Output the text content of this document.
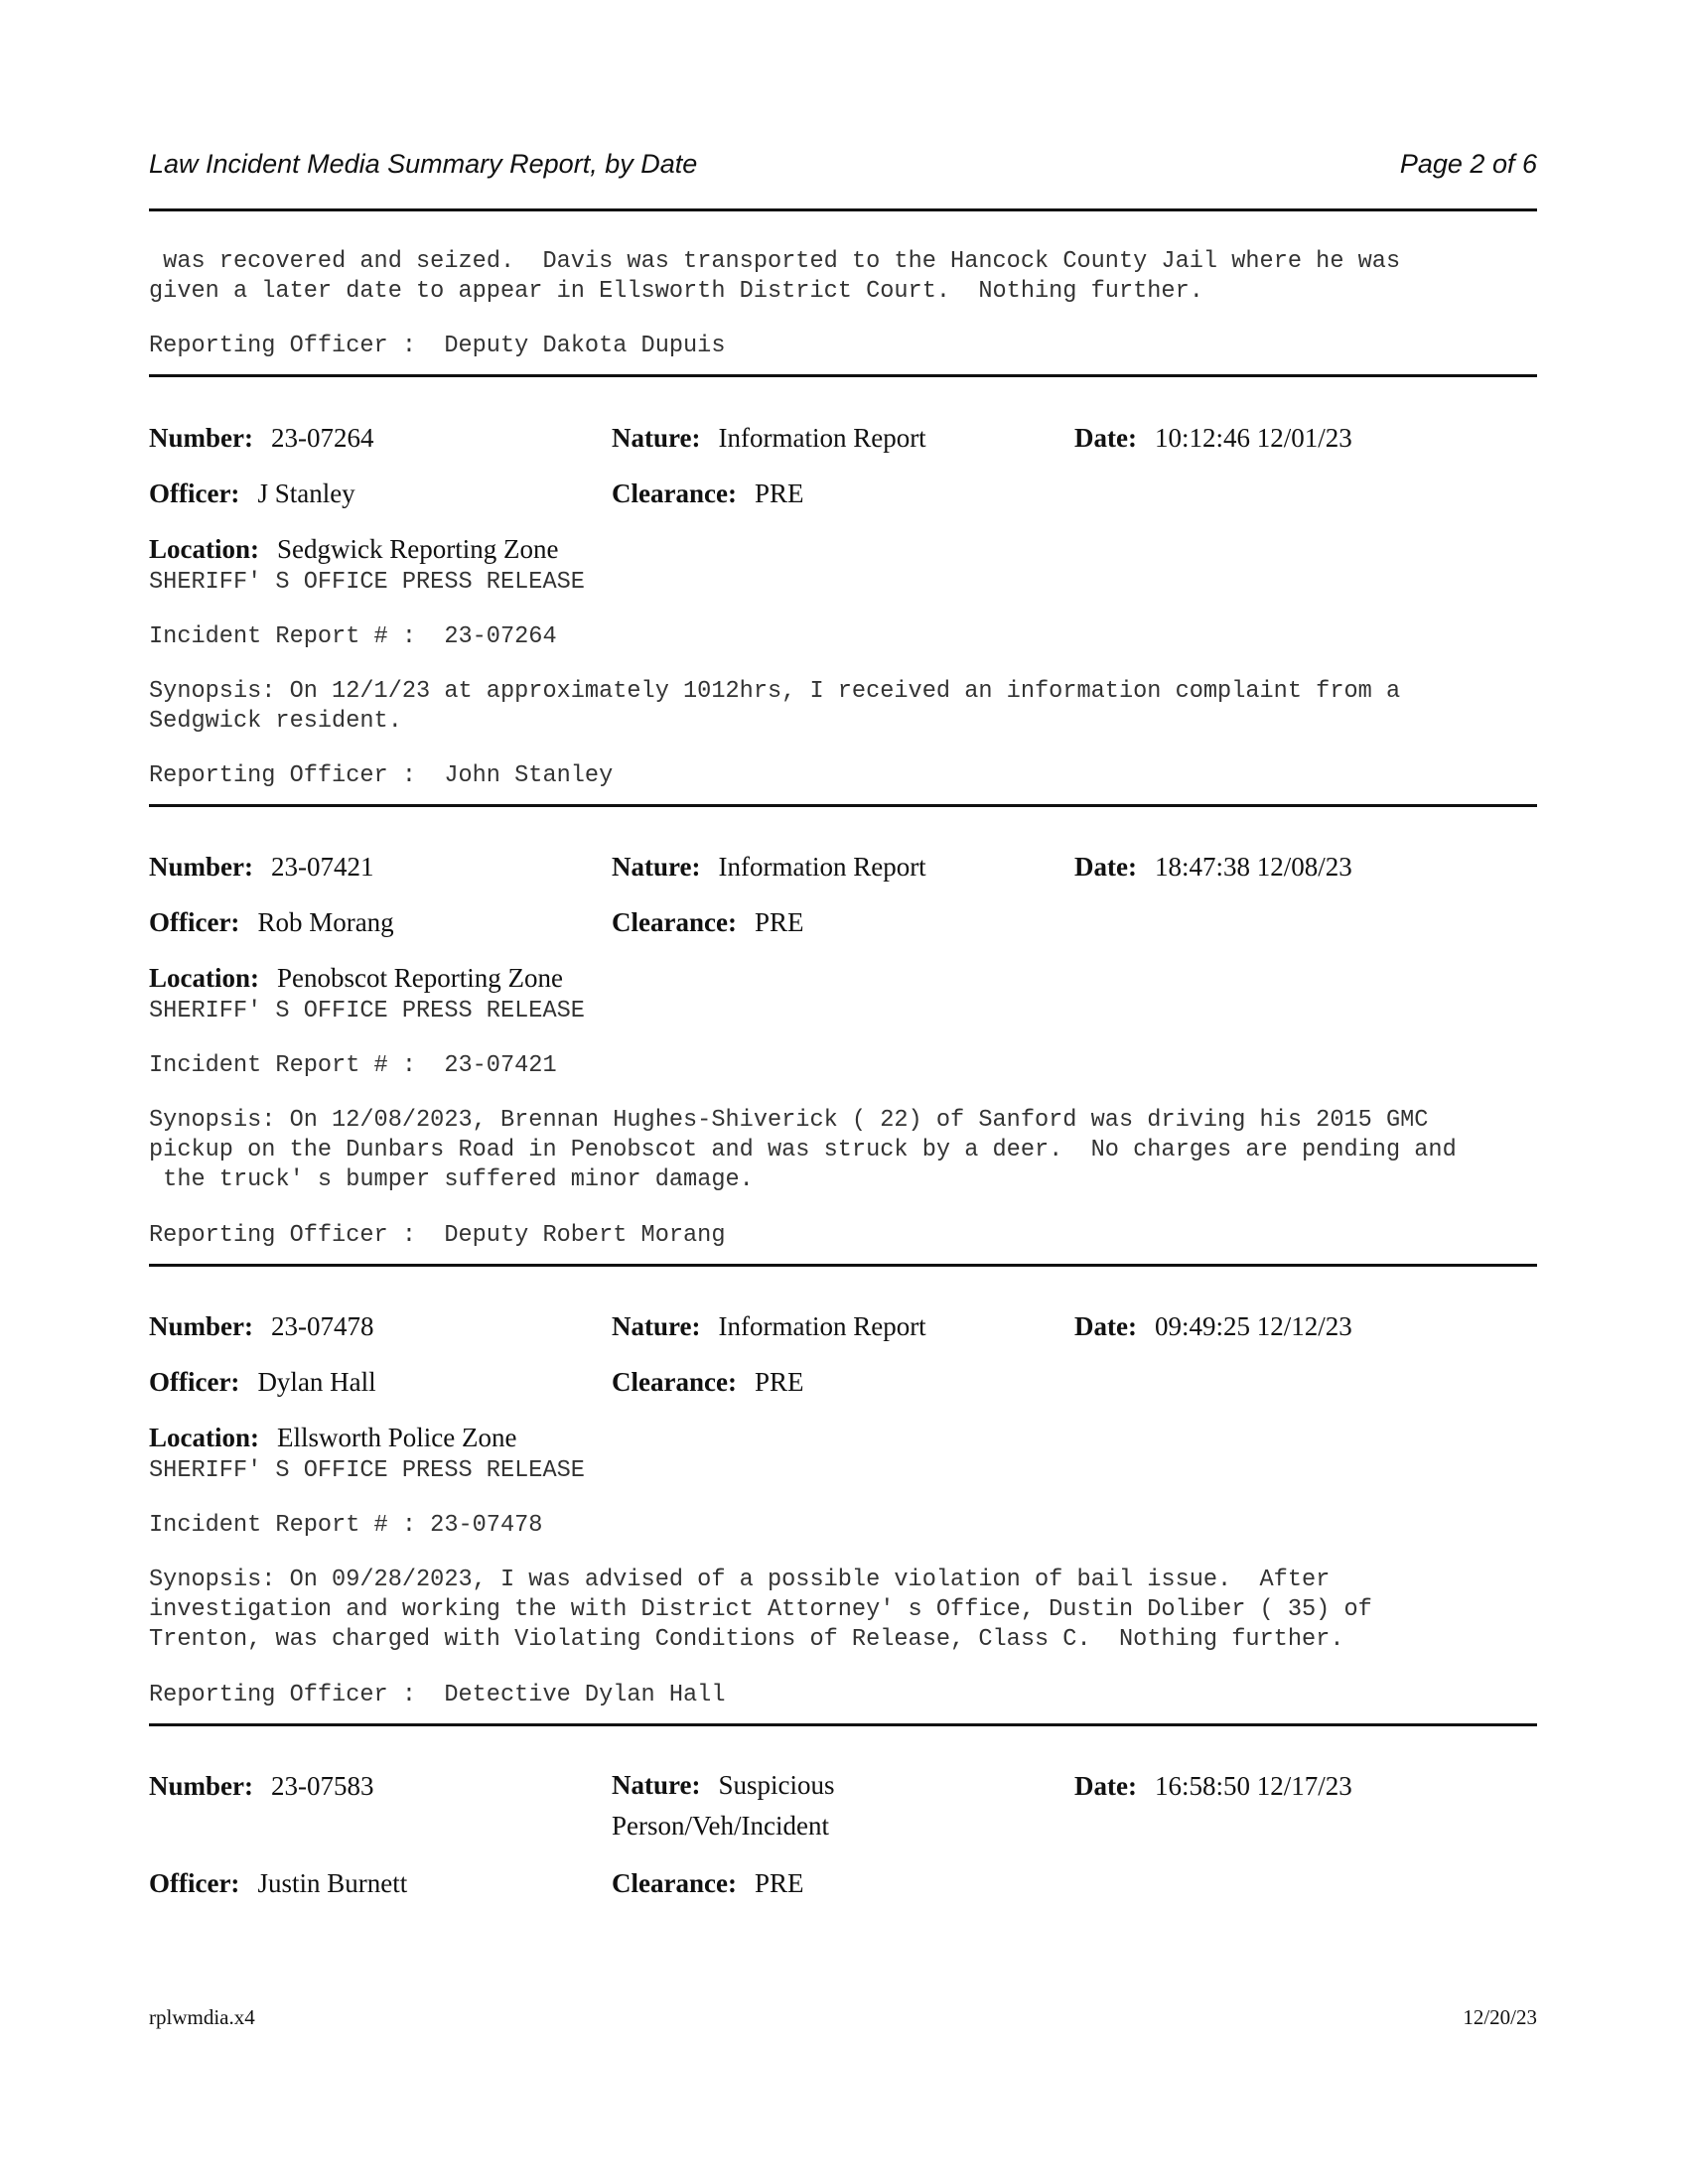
Law Incident Media Summary Report, by Date	Page 2 of 6

was recovered and seized.  Davis was transported to the Hancock County Jail where he was
given a later date to appear in Ellsworth District Court.  Nothing further.

Reporting Officer :  Deputy Dakota Dupuis

Number: 23-07264	Nature: Information Report	Date: 10:12:46 12/01/23
Officer: J Stanley	Clearance: PRE
Location: Sedgwick Reporting Zone

SHERIFF' S OFFICE PRESS RELEASE

Incident Report # :  23-07264

Synopsis: On 12/1/23 at approximately 1012hrs, I received an information complaint from a
Sedgwick resident.

Reporting Officer :  John Stanley

Number: 23-07421	Nature: Information Report	Date: 18:47:38 12/08/23
Officer: Rob Morang	Clearance: PRE
Location: Penobscot Reporting Zone

SHERIFF' S OFFICE PRESS RELEASE

Incident Report # :  23-07421

Synopsis: On 12/08/2023, Brennan Hughes-Shiverick ( 22) of Sanford was driving his 2015 GMC
pickup on the Dunbars Road in Penobscot and was struck by a deer.  No charges are pending and
the truck' s bumper suffered minor damage.

Reporting Officer :  Deputy Robert Morang

Number: 23-07478	Nature: Information Report	Date: 09:49:25 12/12/23
Officer: Dylan Hall	Clearance: PRE
Location: Ellsworth Police Zone

SHERIFF' S OFFICE PRESS RELEASE

Incident Report # : 23-07478

Synopsis: On 09/28/2023, I was advised of a possible violation of bail issue.  After
investigation and working the with District Attorney' s Office, Dustin Doliber ( 35) of
Trenton, was charged with Violating Conditions of Release, Class C.  Nothing further.

Reporting Officer :  Detective Dylan Hall

Number: 23-07583	Nature: Suspicious Person/Veh/Incident
Date: 16:58:50 12/17/23
Officer: Justin Burnett	Clearance: PRE
rplwmdia.x4	12/20/23
